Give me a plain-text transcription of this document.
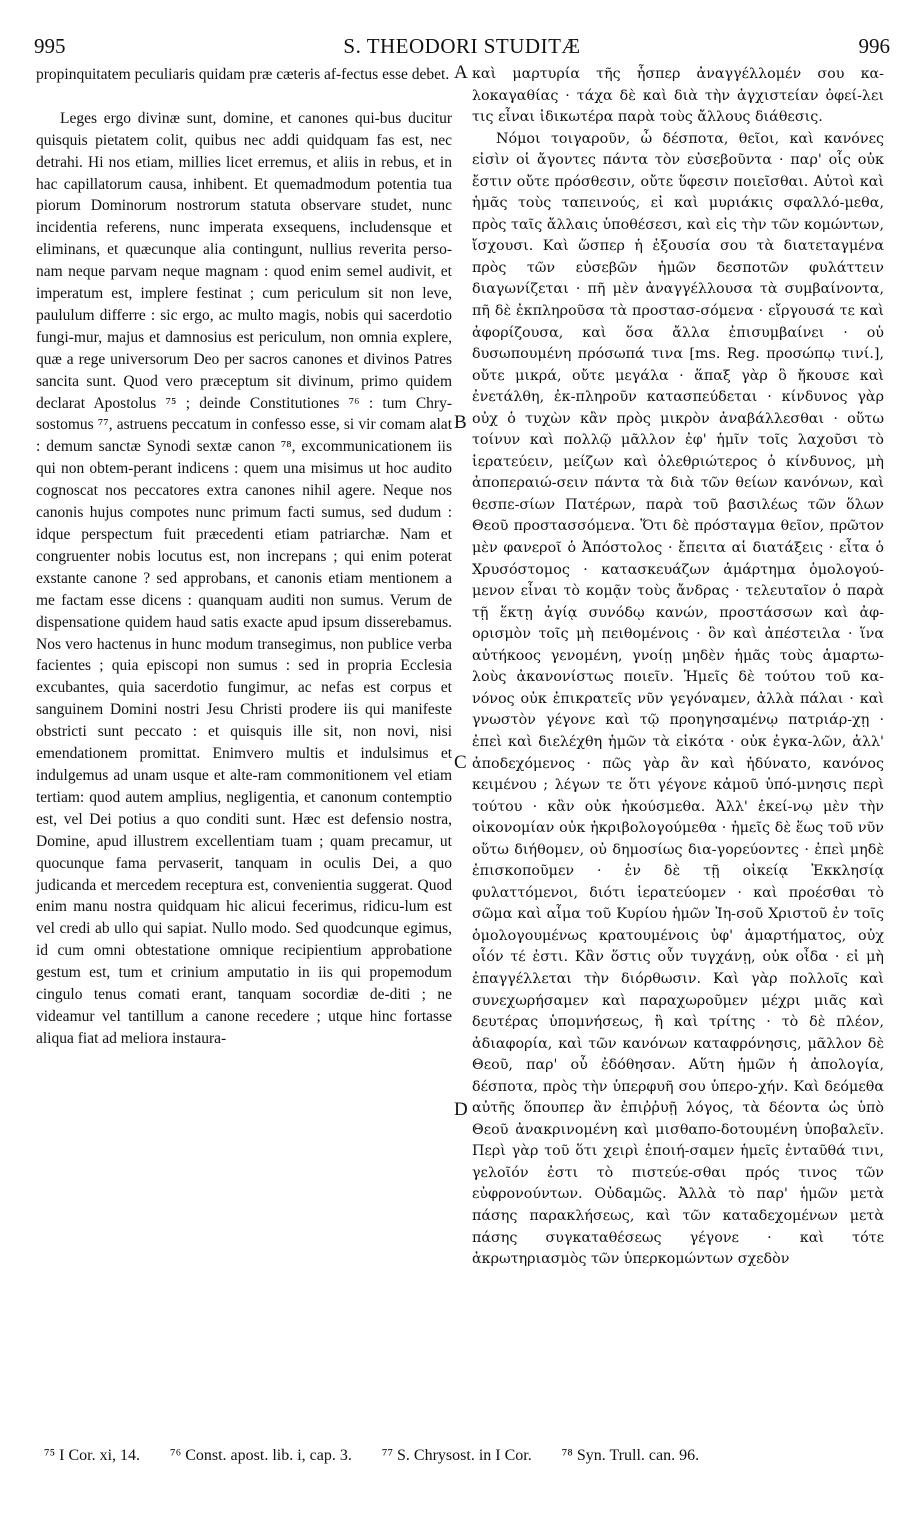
995	S. THEODORI STUDITÆ	996

propinquitatem peculiaris quidam præ cæteris af-fectus esse debet.

Leges ergo divinæ sunt, domine, et canones qui-bus ducitur quisquis pietatem colit, quibus nec addi quidquam fas est, nec detrahi. Hi nos etiam, millies licet erremus, et aliis in rebus, et in hac capillatorum causa, inhibent. Et quemadmodum potentia tua piorum Dominorum nostrorum statuta observare studet, nunc incidentia referens, nunc imperata exsequens, includensque et eliminans, et quæcunque alia contingunt, nullius reverita perso-nam neque parvam neque magnam : quod enim semel audivit, et imperatum est, implere festinat ; cum periculum sit non leve, paululum differre : sic ergo, ac multo magis, nobis qui sacerdotio fungi-mur, majus et damnosius est periculum, non omnia explere, quæ a rege universorum Deo per sacros canones et divinos Patres sancita sunt. Quod vero præceptum sit divinum, primo quidem declarat Apostolus ⁷⁵ ; deinde Constitutiones ⁷⁶ : tum Chry-sostomus ⁷⁷, astruens peccatum in confesso esse, si vir comam alat : demum sanctæ Synodi sextæ canon ⁷⁸, excommunicationem iis qui non obtem-perant indicens : quem una misimus ut hoc audito cognoscat nos peccatores extra canones nihil agere. Neque nos canonis hujus compotes nunc primum facti sumus, sed dudum : idque perspectum fuit præcedenti etiam patriarchæ. Nam et congruenter nobis locutus est, non increpans ; qui enim poterat exstante canone ? sed approbans, et canonis etiam mentionem a me factam esse dicens : quanquam auditi non sumus. Verum de dispensatione quidem haud satis exacte apud ipsum disserebamus. Nos vero hactenus in hunc modum transegimus, non publice verba facientes ; quia episcopi non sumus : sed in propria Ecclesia excubantes, quia sacerdotio fungimur, ac nefas est corpus et sanguinem Domini nostri Jesu Christi prodere iis qui manifeste obstricti sunt peccato : et quisquis ille sit, non novi, nisi emendationem promittat. Enimvero multis et indulsimus et indulgemus ad unam usque et alte-ram commonitionem vel etiam tertiam: quod autem amplius, negligentia, et canonum contemptio est, vel Dei potius a quo conditi sunt. Hæc est defensio nostra, Domine, apud illustrem excellentiam tuam ; quam precamur, ut quocunque fama pervaserit, tanquam in oculis Dei, a quo judicanda et mercedem receptura est, convenientia suggerat. Quod enim manu nostra quidquam hic alicui fecerimus, ridicu-lum est vel credi ab ullo qui sapiat. Nullo modo. Sed quodcunque egimus, id cum omni obtestatione omnique recipientium approbatione gestum est, tum et crinium amputatio in iis qui propemodum cingulo tenus comati erant, tanquam socordiæ de-diti ; ne videamur vel tantillum a canone recedere ; utque hinc fortasse aliqua fiat ad meliora instaura-

A
B
C
D

καὶ μαρτυρία τῆς ἧσπερ ἀναγγέλλομέν σου κα-λοκαγαθίας · τάχα δὲ καὶ διὰ τὴν ἀγχιστείαν ὀφεί-λει τις εἶναι ἰδικωτέρα παρὰ τοὺς ἄλλους διάθεσις.

Νόμοι τοιγαροῦν, ὦ δέσποτα, θεῖοι, καὶ κανόνες εἰσὶν οἱ ἄγοντες πάντα τὸν εὐσεβοῦντα · παρ' οἷς οὐκ ἔστιν οὔτε πρόσθεσιν, οὔτε ὕφεσιν ποιεῖσθαι. Αὐτοὶ καὶ ἡμᾶς τοὺς ταπεινούς, εἰ καὶ μυριάκις σφαλλό-μεθα, πρὸς ταῖς ἄλλαις ὑποθέσεσι, καὶ εἰς τὴν τῶν κομώντων, ἴσχουσι. Καὶ ὥσπερ ἡ ἐξουσία σου τὰ διατεταγμένα πρὸς τῶν εὐσεβῶν ἡμῶν δεσποτῶν φυλάττειν διαγωνίζεται · πῆ μὲν ἀναγγέλλουσα τὰ συμβαίνοντα, πῆ δὲ ἐκπληροῦσα τὰ προστασ-σόμενα · εἴργουσά τε καὶ ἀφορίζουσα, καὶ ὅσα ἄλλα ἐπισυμβαίνει · οὐ δυσωπουμένη πρόσωπά τινα [ms. Reg. προσώπῳ τινί.], οὔτε μικρά, οὔτε μεγάλα · ἅπαξ γὰρ ὃ ἤκουσε καὶ ἐνετάλθη, ἐκ-πληροῦν κατασπεύδεται · κίνδυνος γὰρ οὐχ ὁ τυχὼν κἂν πρὸς μικρὸν ἀναβάλλεσθαι · οὕτω τοίνυν καὶ πολλῷ μᾶλλον ἐφ' ἡμῖν τοῖς λαχοῦσι τὸ ἱερατεύειν, μείζων καὶ ὀλεθριώτερος ὁ κίνδυνος, μὴ ἀποπεραιώ-σειν πάντα τὰ διὰ τῶν θείων κανόνων, καὶ θεσπε-σίων Πατέρων, παρὰ τοῦ βασιλέως τῶν ὅλων Θεοῦ προστασσόμενα. Ὅτι δὲ πρόσταγμα θεῖον, πρῶτον μὲν φανεροῖ ὁ Ἀπόστολος · ἔπειτα αἱ διατάξεις · εἶτα ὁ Χρυσόστομος · κατασκευάζων ἁμάρτημα ὁμολογού-μενον εἶναι τὸ κομᾷν τοὺς ἄνδρας · τελευταῖον ὁ παρὰ τῇ ἕκτῃ ἁγίᾳ συνόδῳ κανών, προστάσσων καὶ ἀφ-ορισμὸν τοῖς μὴ πειθομένοις · ὃν καὶ ἀπέστειλα · ἵνα αὐτήκοος γενομένη, γνοίῃ μηδὲν ἡμᾶς τοὺς ἁμαρτω-λοὺς ἀκανονίστως ποιεῖν. Ἡμεῖς δὲ τούτου τοῦ κα-νόνος οὐκ ἐπικρατεῖς νῦν γεγόναμεν, ἀλλὰ πάλαι · καὶ γνωστὸν γέγονε καὶ τῷ προηγησαμένῳ πατριάρ-χῃ · ἐπεὶ καὶ διελέχθη ἡμῶν τὰ εἰκότα · οὐκ ἐγκα-λῶν, ἀλλ' ἀποδεχόμενος · πῶς γὰρ ἂν καὶ ἠδύνατο, κανόνος κειμένου ; λέγων τε ὅτι γέγονε κἀμοῦ ὑπό-μνησις περὶ τούτου · κἂν οὐκ ἠκούσμεθα. Ἀλλ' ἐκεί-νῳ μὲν τὴν οἰκονομίαν οὐκ ἠκριβολογούμεθα · ἡμεῖς δὲ ἕως τοῦ νῦν οὕτω διήθομεν, οὐ δημοσίως δια-γορεύοντες · ἐπεὶ μηδὲ ἐπισκοποῦμεν · ἐν δὲ τῇ οἰκείᾳ Ἐκκλησίᾳ φυλαττόμενοι, διότι ἱερατεύομεν · καὶ προέσθαι τὸ σῶμα καὶ αἷμα τοῦ Κυρίου ἡμῶν Ἰη-σοῦ Χριστοῦ ἐν τοῖς ὁμολογουμένως κρατουμένοις ὑφ' ἁμαρτήματος, οὐχ οἷόν τέ ἐστι. Κἂν ὅστις οὖν τυγχάνῃ, οὐκ οἶδα · εἰ μὴ ἐπαγγέλλεται τὴν διόρθωσιν. Καὶ γὰρ πολλοῖς καὶ συνεχωρήσαμεν καὶ παραχωροῦμεν μέχρι μιᾶς καὶ δευτέρας ὑπομνήσεως, ἢ καὶ τρίτης · τὸ δὲ πλέον, ἀδιαφορία, καὶ τῶν κανόνων καταφρόνησις, μᾶλλον δὲ Θεοῦ, παρ' οὗ ἐδόθησαν. Αὕτη ἡμῶν ἡ ἀπολογία, δέσποτα, πρὸς τὴν ὑπερφυῆ σου ὑπερο-χήν. Καὶ δεόμεθα αὐτῆς ὅπουπερ ἂν ἐπιῤῥυῇ λόγος, τὰ δέοντα ὡς ὑπὸ Θεοῦ ἀνακρινομένη καὶ μισθαπο-δοτουμένη ὑποβαλεῖν. Περὶ γὰρ τοῦ ὅτι χειρὶ ἐποιή-σαμεν ἡμεῖς ἐνταῦθά τινι, γελοῖόν ἐστι τὸ πιστεύε-σθαι πρός τινος τῶν εὐφρονούντων. Οὐδαμῶς. Ἀλλὰ τὸ παρ' ἡμῶν μετὰ πάσης παρακλήσεως, καὶ τῶν καταδεχομένων μετὰ πάσης συγκαταθέσεως γέγονε · καὶ τότε ἀκρωτηριασμὸς τῶν ὑπερκομώντων σχεδὸν

⁷⁵ I Cor. xi, 14. ⁷⁶ Const. apost. lib. i, cap. 3. ⁷⁷ S. Chrysost. in I Cor. ⁷⁸ Syn. Trull. can. 96.
